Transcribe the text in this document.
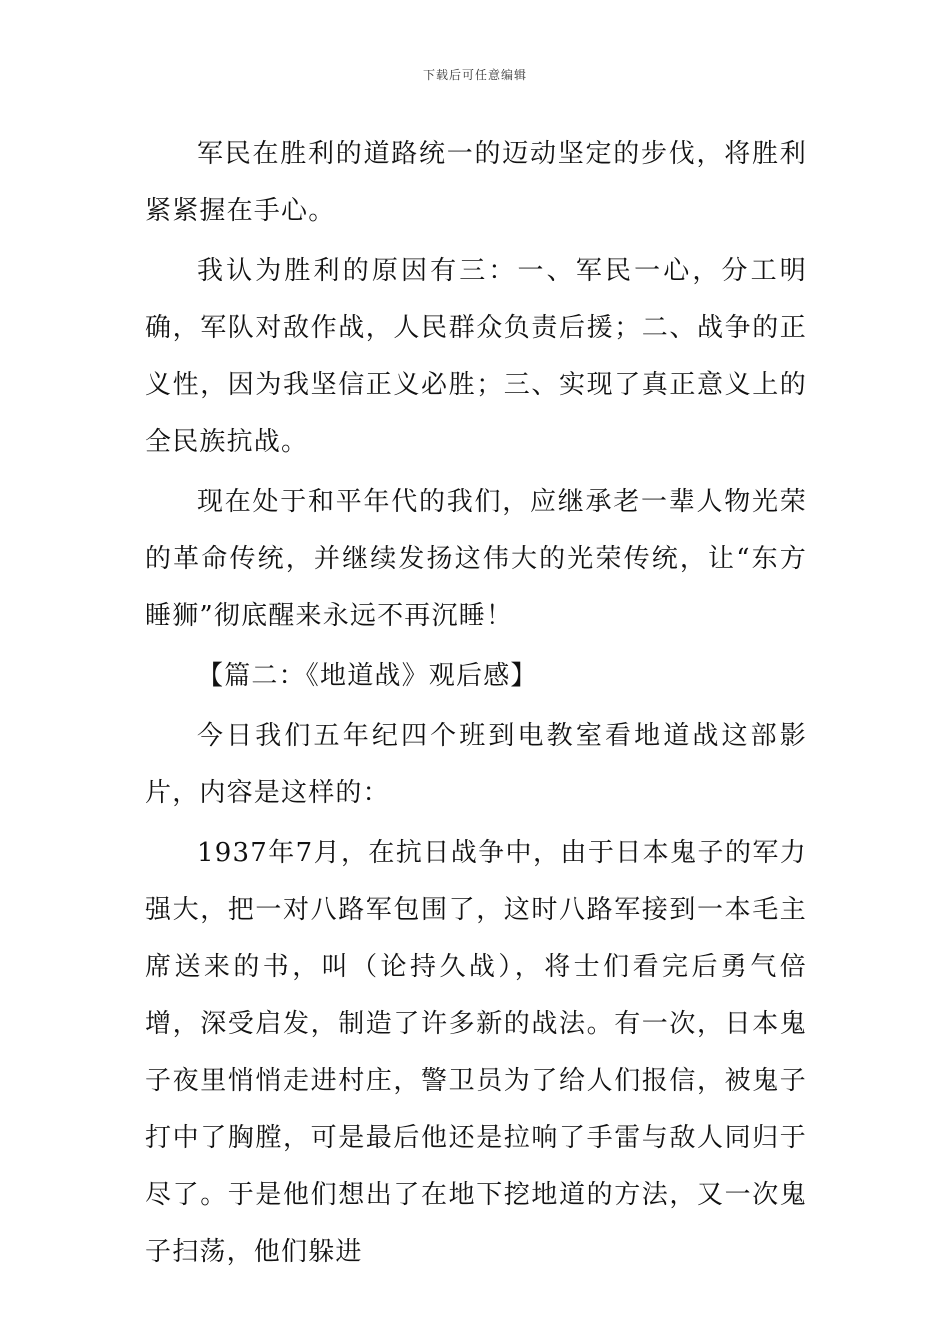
下载后可任意编辑

军民在胜利的道路统一的迈动坚定的步伐，将胜利紧紧握在手心。

我认为胜利的原因有三：一、军民一心，分工明确，军队对敌作战，人民群众负责后援；二、战争的正义性，因为我坚信正义必胜；三、实现了真正意义上的全民族抗战。

现在处于和平年代的我们，应继承老一辈人物光荣的革命传统，并继续发扬这伟大的光荣传统，让“东方睡狮”彻底醒来永远不再沉睡！

【篇二：《地道战》观后感】

今日我们五年纪四个班到电教室看地道战这部影片，内容是这样的：

1937年7月，在抗日战争中，由于日本鬼子的军力强大，把一对八路军包围了，这时八路军接到一本毛主席送来的书，叫（论持久战），将士们看完后勇气倍增，深受启发，制造了许多新的战法。有一次，日本鬼子夜里悄悄走进村庄，警卫员为了给人们报信，被鬼子打中了胸膛，可是最后他还是拉响了手雷与敌人同归于尽了。于是他们想出了在地下挖地道的方法，又一次鬼子扫荡，他们躲进
